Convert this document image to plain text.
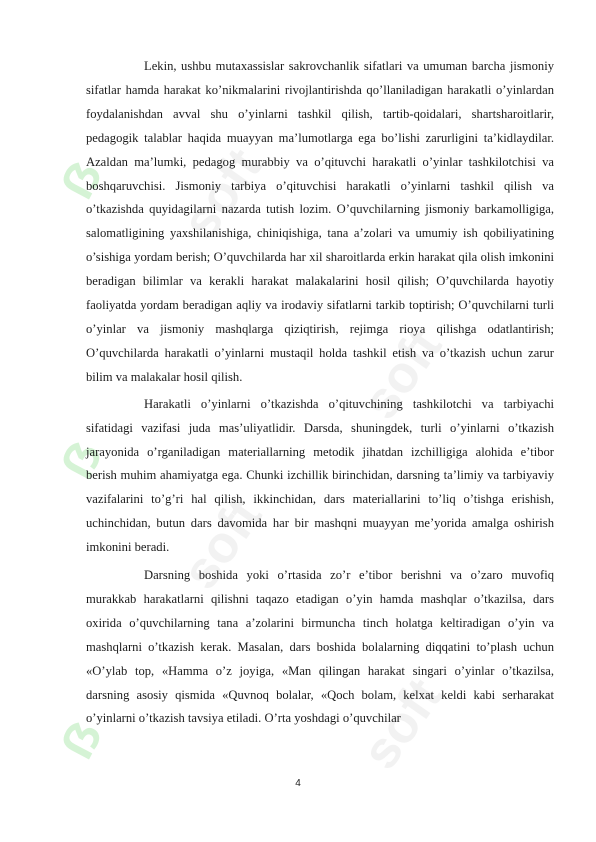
ẞ
ẞ
ẞ
soft
soft
soft
soft

Lekin, ushbu mutaxassislar sakrovchanlik sifatlari va umuman barcha jismoniy sifatlar hamda harakat ko’nikmalarini rivojlantirishda qo’llaniladigan harakatli o’yinlardan foydalanishdan avval shu o’yinlarni tashkil qilish, tartib-qoidalari, shartsharoitlarir, pedagogik talablar haqida muayyan ma’lumotlarga ega bo’lishi zarurligini ta’kidlaydilar. Azaldan ma’lumki, pedagog murabbiy va o’qituvchi harakatli o’yinlar tashkilotchisi va boshqaruvchisi. Jismoniy tarbiya o’qituvchisi harakatli o’yinlarni tashkil qilish va o’tkazishda quyidagilarni nazarda tutish lozim. O’quvchilarning jismoniy barkamolligiga, salomatligining yaxshilanishiga, chiniqishiga, tana a’zolari va umumiy ish qobiliyatining o’sishiga yordam berish; O’quvchilarda har xil sharoitlarda erkin harakat qila olish imkonini beradigan bilimlar va kerakli harakat malakalarini hosil qilish; O’quvchilarda hayotiy faoliyatda yordam beradigan aqliy va irodaviy sifatlarni tarkib toptirish; O’quvchilarni turli o’yinlar va jismoniy mashqlarga qiziqtirish, rejimga rioya qilishga odatlantirish; O’quvchilarda harakatli o’yinlarni mustaqil holda tashkil etish va o’tkazish uchun zarur bilim va malakalar hosil qilish.

Harakatli o’yinlarni o’tkazishda o’qituvchining tashkilotchi va tarbiyachi sifatidagi vazifasi juda mas’uliyatlidir. Darsda, shuningdek, turli o’yinlarni o’tkazish jarayonida o’rganiladigan materiallarning metodik jihatdan izchilligiga alohida e’tibor berish muhim ahamiyatga ega. Chunki izchillik birinchidan, darsning ta’limiy va tarbiyaviy vazifalarini to’g’ri hal qilish, ikkinchidan, dars materiallarini to’liq o’tishga erishish, uchinchidan, butun dars davomida har bir mashqni muayyan me’yorida amalga oshirish imkonini beradi.

Darsning boshida yoki o’rtasida zo’r e’tibor berishni va o’zaro muvofiq murakkab harakatlarni qilishni taqazo etadigan o’yin hamda mashqlar o’tkazilsa, dars oxirida o’quvchilarning tana a’zolarini birmuncha tinch holatga keltiradigan o’yin va mashqlarni o’tkazish kerak. Masalan, dars boshida bolalarning diqqatini to’plash uchun «O’ylab top, «Hamma o’z joyiga, «Man qilingan harakat singari o’yinlar o’tkazilsa, darsning asosiy qismida «Quvnoq bolalar, «Qoch bolam, kelxat keldi kabi serharakat o’yinlarni o’tkazish tavsiya etiladi. O’rta yoshdagi o’quvchilar

4
